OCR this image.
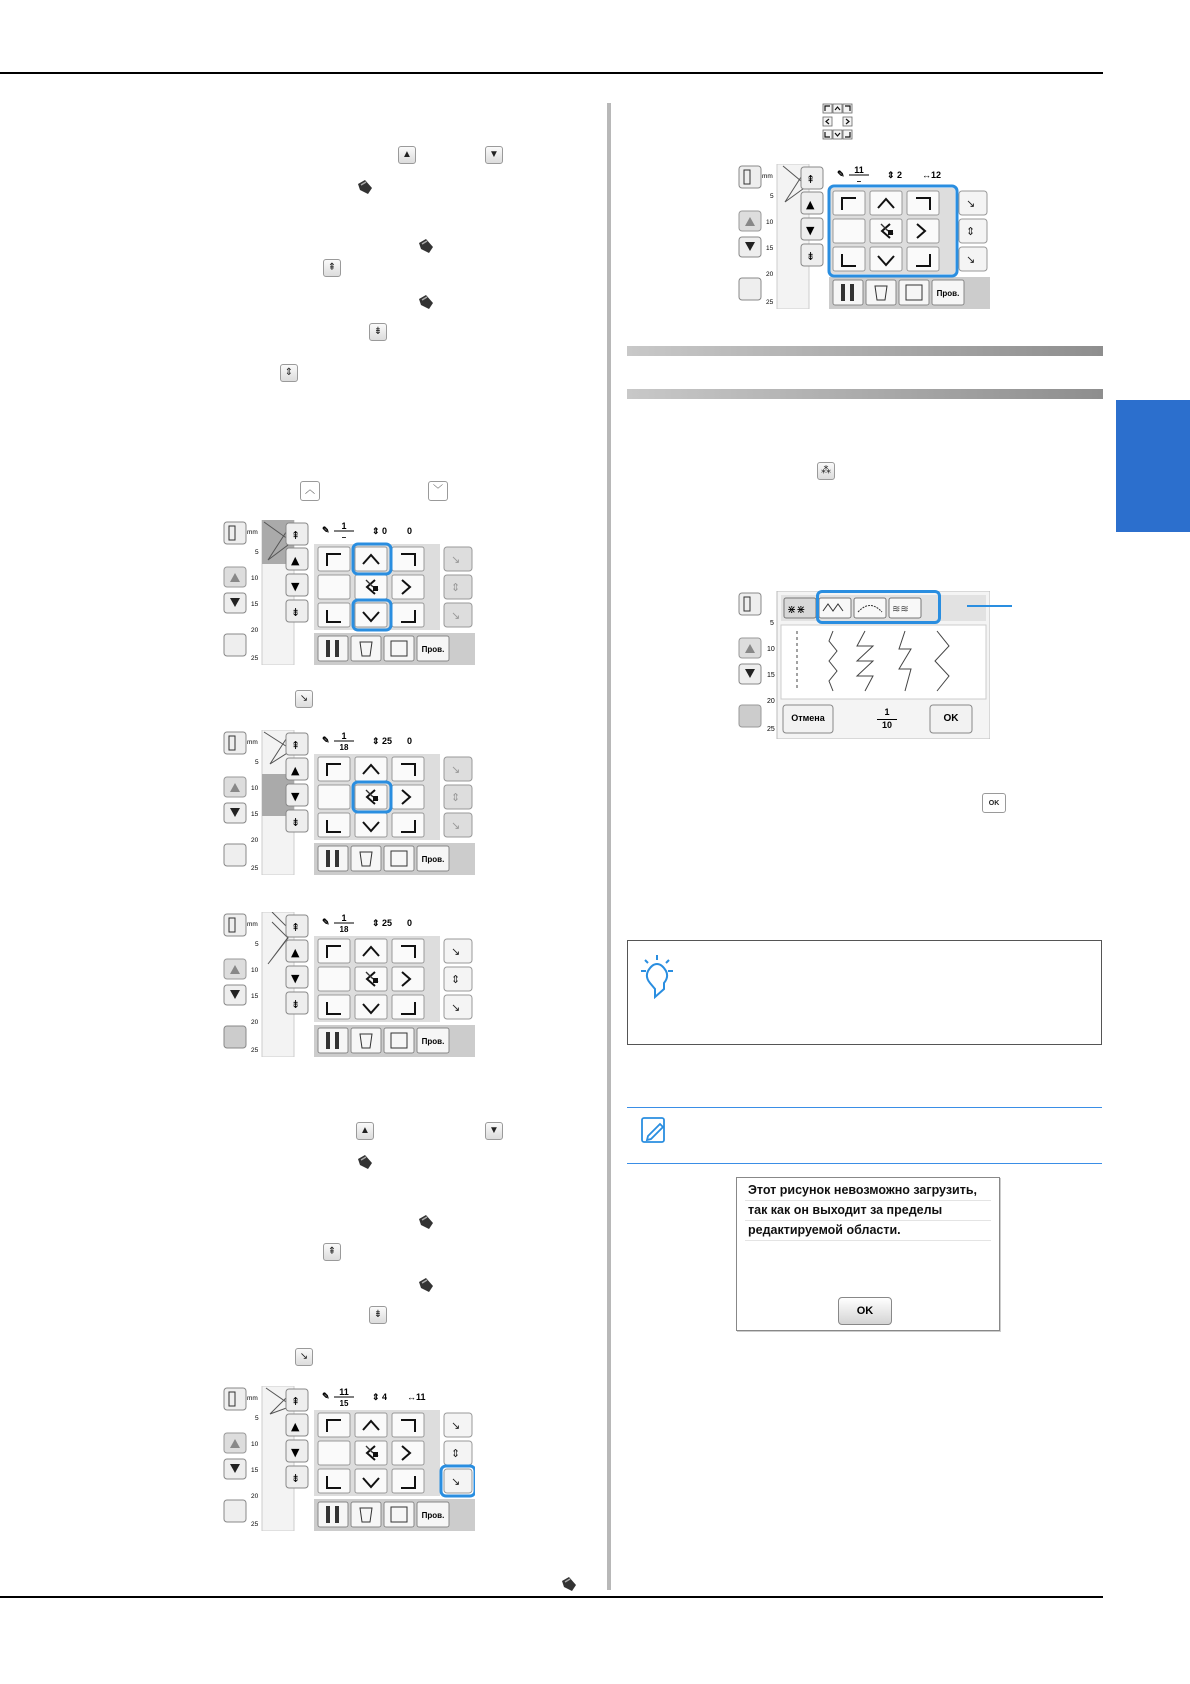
▲	▼
⇞
⇟
⇕
︿	﹀
↘
▲	▼
⇞
⇟
↘
mm
5
10
15
20
25
⇞
▲
▼
⇟
✎ 1
–
⇕ 0 0
↘
⇕
↘
Пров.
mm
5
10
15
20
25
⇞
▲
▼
⇟
✎ 1
18
⇕ 25 0
↘
⇕
↘
Пров.
mm
5
10
15
20
25
⇞
▲
▼
⇟
✎ 1
18
⇕ 25 0
↘
⇕
↘
Пров.
mm
5
10
15
20
25
⇞
▲
▼
⇟
✎ 11
15
⇕ 4 ↔11
↘
⇕
↘
Пров.
mm
5
10
15
20
25
⇞
▲
▼
⇟
✎ 11
–
⇕ 2 ↔12
↘
⇕
↘
Пров.
⁂
5
10
15
20
25
⋇⋇	≋≋
Отмена
1
10
OK
OK
Этот рисунок невозможно загрузить,
так как он выходит за пределы
редактируемой области.
OK
